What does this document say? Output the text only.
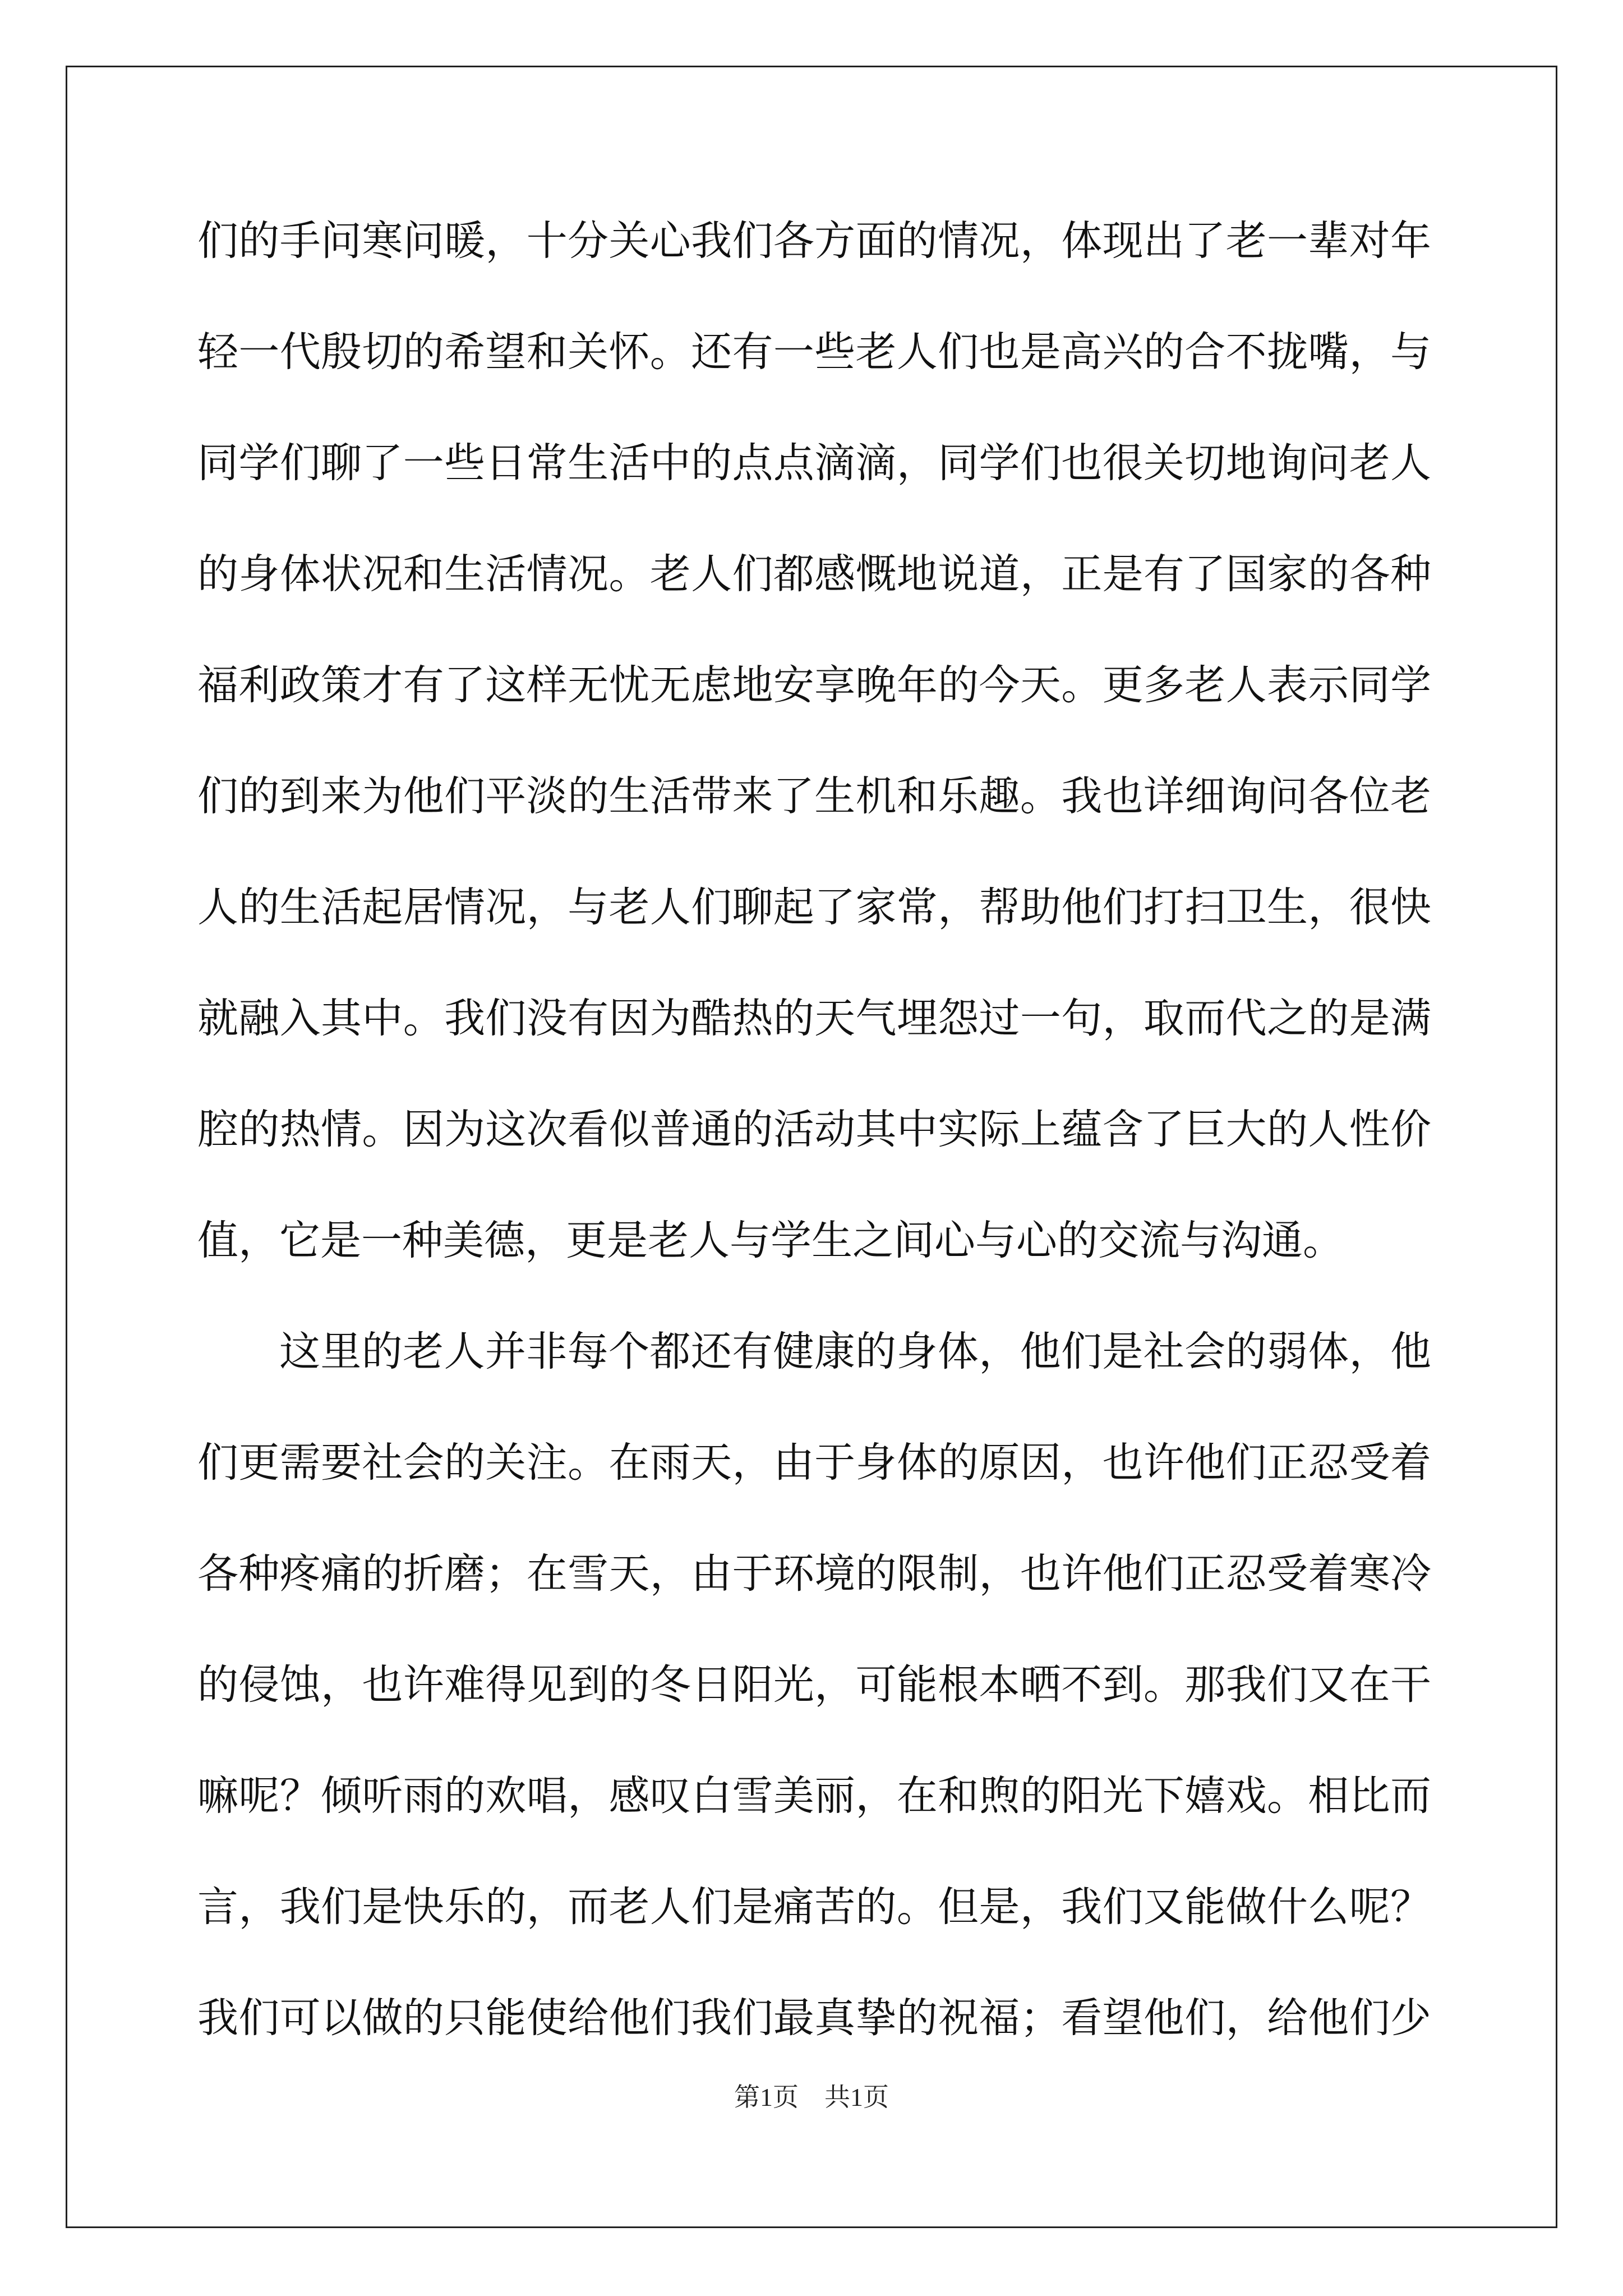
们的手问寒问暖，十分关心我们各方面的情况，体现出了老一辈对年
轻一代殷切的希望和关怀。还有一些老人们也是高兴的合不拢嘴，与
同学们聊了一些日常生活中的点点滴滴，同学们也很关切地询问老人
的身体状况和生活情况。老人们都感慨地说道，正是有了国家的各种
福利政策才有了这样无忧无虑地安享晚年的今天。更多老人表示同学
们的到来为他们平淡的生活带来了生机和乐趣。我也详细询问各位老
人的生活起居情况，与老人们聊起了家常，帮助他们打扫卫生，很快
就融入其中。我们没有因为酷热的天气埋怨过一句，取而代之的是满
腔的热情。因为这次看似普通的活动其中实际上蕴含了巨大的人性价
值，它是一种美德，更是老人与学生之间心与心的交流与沟通。
这里的老人并非每个都还有健康的身体，他们是社会的弱体，他
们更需要社会的关注。在雨天，由于身体的原因，也许他们正忍受着
各种疼痛的折磨；在雪天，由于环境的限制，也许他们正忍受着寒冷
的侵蚀，也许难得见到的冬日阳光，可能根本晒不到。那我们又在干
嘛呢？倾听雨的欢唱，感叹白雪美丽，在和煦的阳光下嬉戏。相比而
言，我们是快乐的，而老人们是痛苦的。但是，我们又能做什么呢？
我们可以做的只能使给他们我们最真挚的祝福；看望他们，给他们少
第1页　共1页
